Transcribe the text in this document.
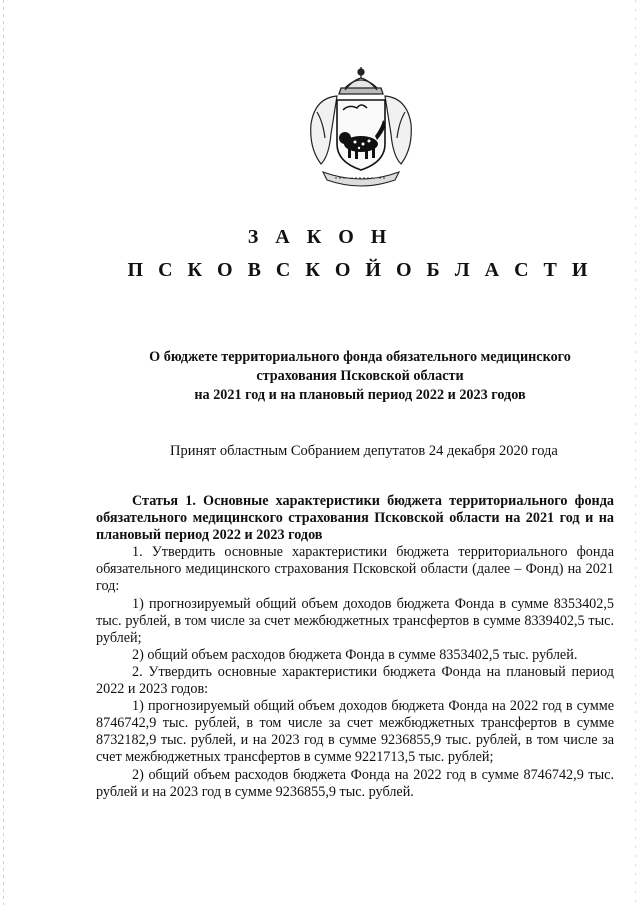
З А К О Н
П С К О В С К О Й О Б Л А С Т И
О бюджете территориального фонда обязательного медицинского
страхования Псковской области
на 2021 год и на плановый период 2022 и 2023 годов
Принят областным Собранием депутатов 24 декабря 2020 года

Статья 1. Основные характеристики бюджета территориального фонда обязательного медицинского страхования Псковской области на 2021 год и на плановый период 2022 и 2023 годов

1. Утвердить основные характеристики бюджета территориального фонда обязательного медицинского страхования Псковской области (далее – Фонд) на 2021 год:

1) прогнозируемый общий объем доходов бюджета Фонда в сумме 8353402,5 тыс. рублей, в том числе за счет межбюджетных трансфертов в сумме 8339402,5 тыс. рублей;

2) общий объем расходов бюджета Фонда в сумме 8353402,5 тыс. рублей.

2. Утвердить основные характеристики бюджета Фонда на плановый период 2022 и 2023 годов:

1) прогнозируемый общий объем доходов бюджета Фонда на 2022 год в сумме 8746742,9 тыс. рублей, в том числе за счет межбюджетных трансфертов в сумме 8732182,9 тыс. рублей, и на 2023 год в сумме 9236855,9 тыс. рублей, в том числе за счет межбюджетных трансфертов в сумме 9221713,5 тыс. рублей;

2) общий объем расходов бюджета Фонда на 2022 год в сумме 8746742,9 тыс. рублей и на 2023 год в сумме 9236855,9 тыс. рублей.
